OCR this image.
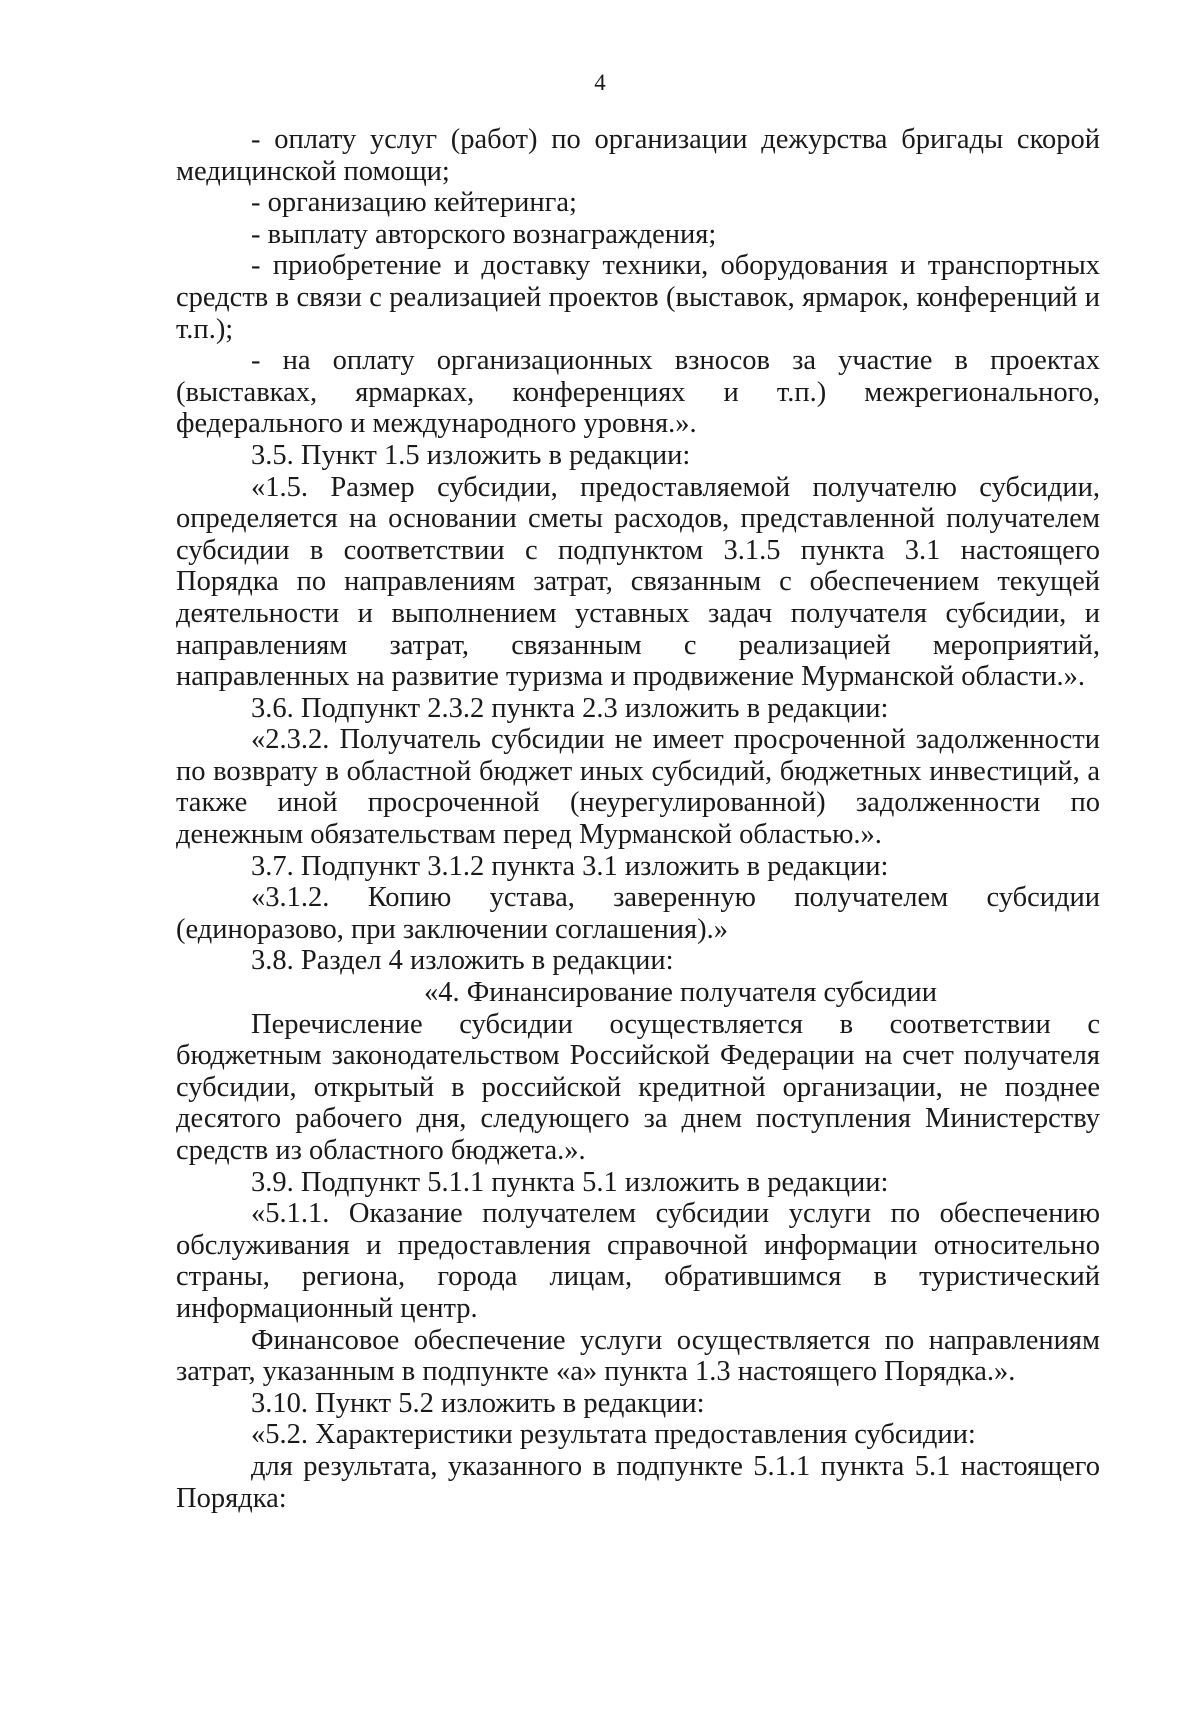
4

- оплату услуг (работ) по организации дежурства бригады скорой медицинской помощи;

- организацию кейтеринга;

- выплату авторского вознаграждения;

- приобретение и доставку техники, оборудования и транспортных средств в связи с реализацией проектов (выставок, ярмарок, конференций и т.п.);

- на оплату организационных взносов за участие в проектах (выставках, ярмарках, конференциях и т.п.) межрегионального, федерального и международного уровня.».

3.5. Пункт 1.5 изложить в редакции:

«1.5. Размер субсидии, предоставляемой получателю субсидии, определяется на основании сметы расходов, представленной получателем субсидии в соответствии с подпунктом 3.1.5 пункта 3.1 настоящего Порядка по направлениям затрат, связанным с обеспечением текущей деятельности и выполнением уставных задач получателя субсидии, и направлениям затрат, связанным с реализацией мероприятий, направленных на развитие туризма и продвижение Мурманской области.».

3.6. Подпункт 2.3.2 пункта 2.3 изложить в редакции:

«2.3.2. Получатель субсидии не имеет просроченной задолженности по возврату в областной бюджет иных субсидий, бюджетных инвестиций, а также иной просроченной (неурегулированной) задолженности по денежным обязательствам перед Мурманской областью.».

3.7. Подпункт 3.1.2 пункта 3.1 изложить в редакции:

«3.1.2. Копию устава, заверенную получателем субсидии (единоразово, при заключении соглашения).»

3.8. Раздел 4 изложить в редакции:

«4. Финансирование получателя субсидии

Перечисление субсидии осуществляется в соответствии с бюджетным законодательством Российской Федерации на счет получателя субсидии, открытый в российской кредитной организации, не позднее десятого рабочего дня, следующего за днем поступления Министерству средств из областного бюджета.».

3.9. Подпункт 5.1.1 пункта 5.1 изложить в редакции:

«5.1.1. Оказание получателем субсидии услуги по обеспечению обслуживания и предоставления справочной информации относительно страны, региона, города лицам, обратившимся в туристический информационный центр.

Финансовое обеспечение услуги осуществляется по направлениям затрат, указанным в подпункте «а» пункта 1.3 настоящего Порядка.».

3.10. Пункт 5.2 изложить в редакции:

«5.2. Характеристики результата предоставления субсидии:

для результата, указанного в подпункте 5.1.1 пункта 5.1 настоящего Порядка:
